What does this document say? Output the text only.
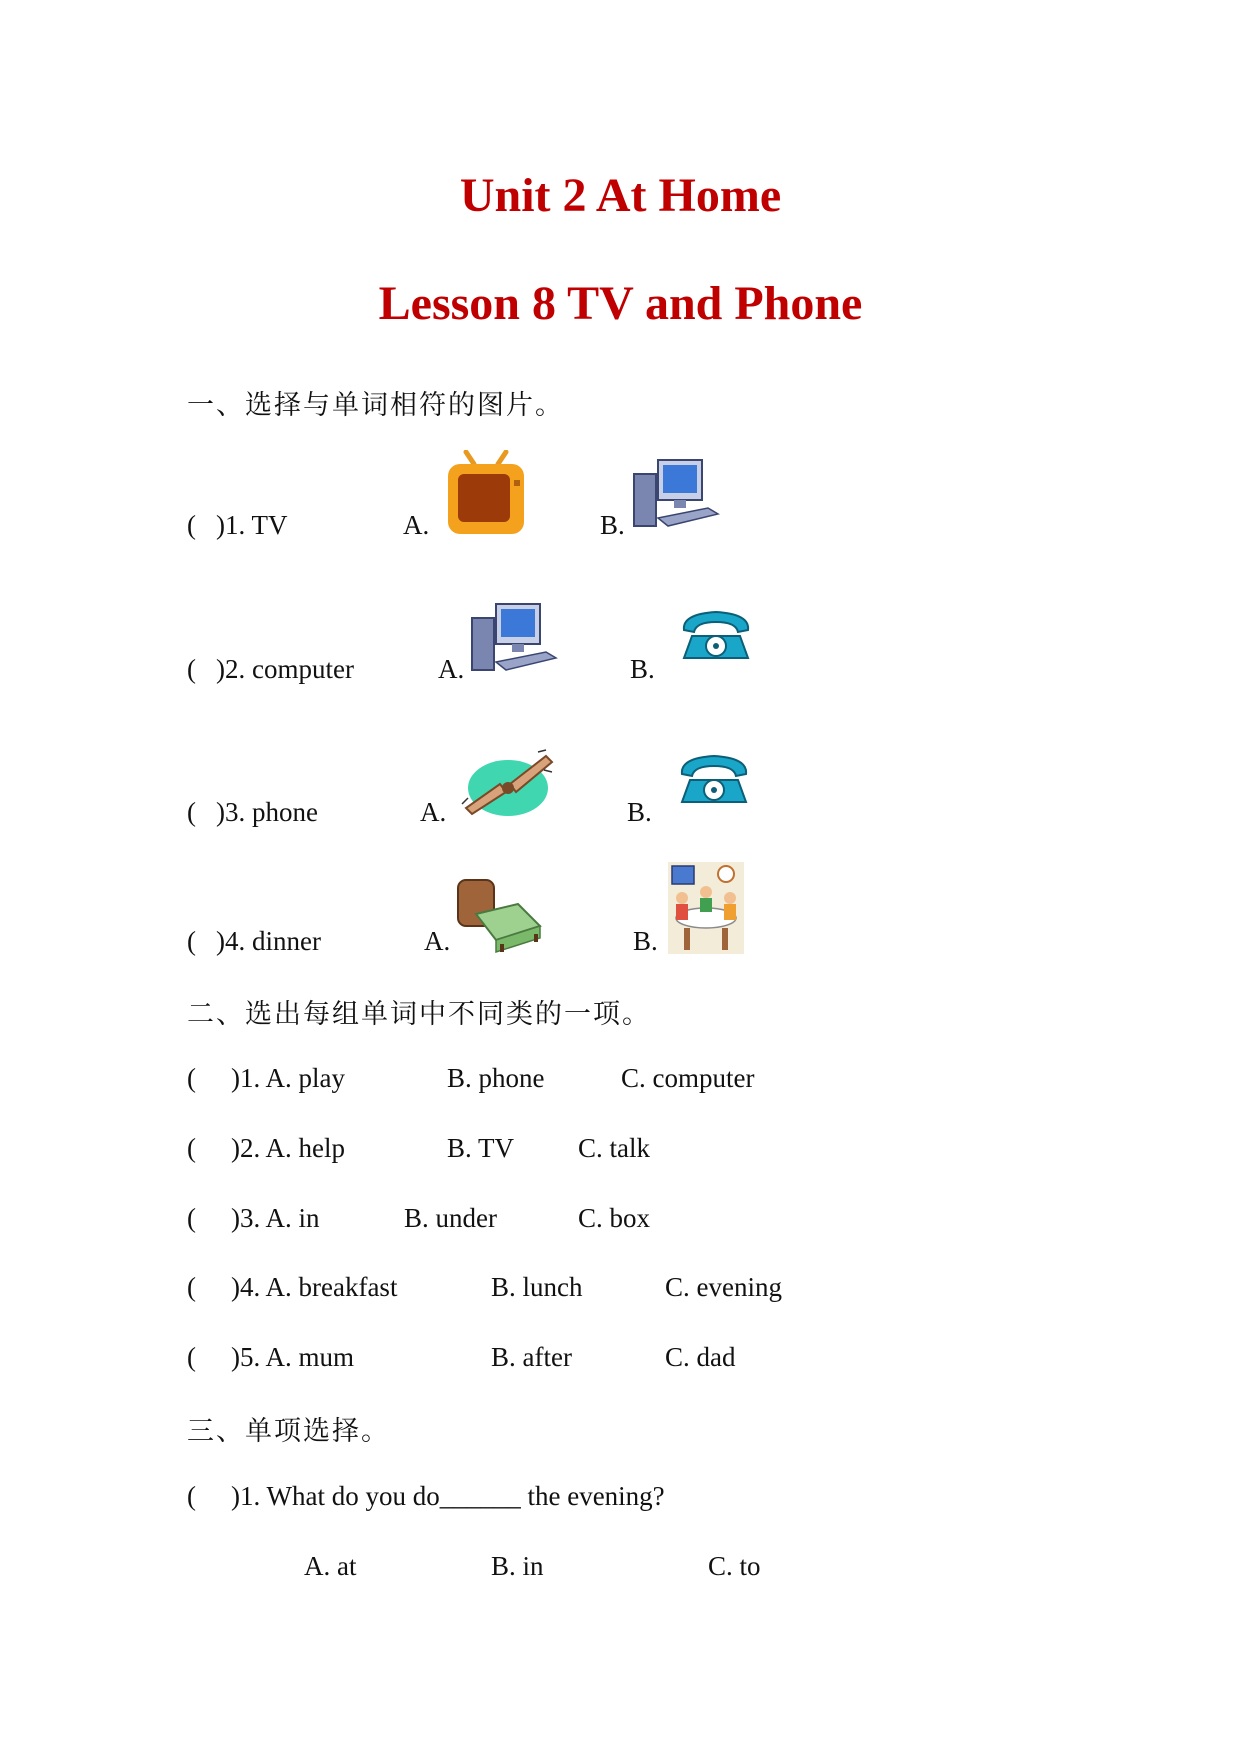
Unit 2 At Home
Lesson 8 TV and Phone

一、选择与单词相符的图片。

( )1. TV	A.	B.
( )2. computer	A.	B.
( )3. phone	A.	B.
( )4. dinner	A.	B.

二、选出每组单词中不同类的一项。

( )1. A. play	B. phone	C. computer
( )2. A. help	B. TV C. talk
( )3. A. in	B. under	C. box
( )4. A. breakfast	B. lunch	C. evening
( )5. A. mum	B. after	C. dad

三、单项选择。

( )1. What do you do______ the evening?
A. at	B. in	C. to
